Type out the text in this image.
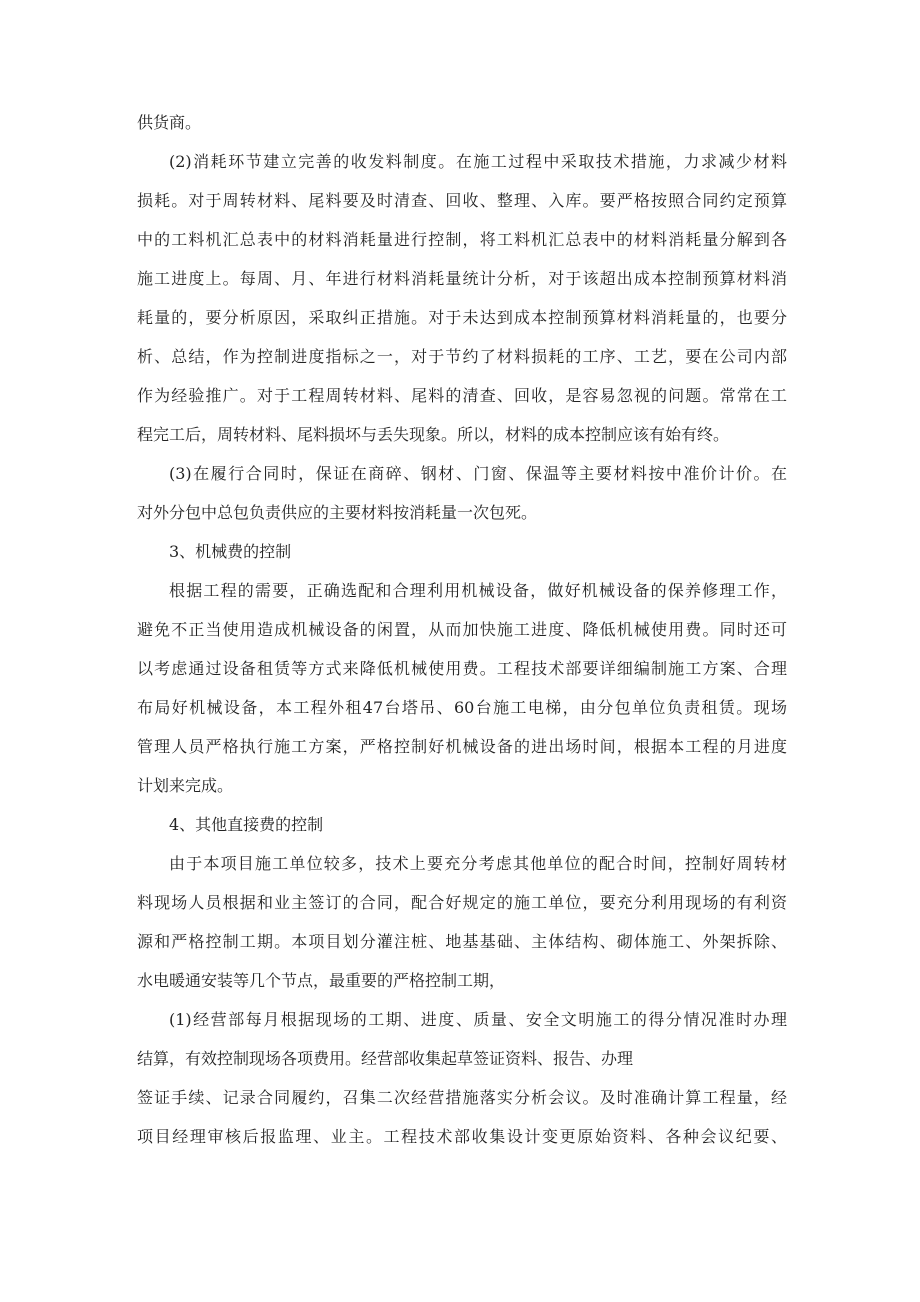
供货商。
(2)消耗环节建立完善的收发料制度。在施工过程中采取技术措施，力求减少材料
损耗。对于周转材料、尾料要及时清查、回收、整理、入库。要严格按照合同约定预算
中的工料机汇总表中的材料消耗量进行控制，将工料机汇总表中的材料消耗量分解到各
施工进度上。每周、月、年进行材料消耗量统计分析，对于该超出成本控制预算材料消
耗量的，要分析原因，采取纠正措施。对于未达到成本控制预算材料消耗量的，也要分
析、总结，作为控制进度指标之一，对于节约了材料损耗的工序、工艺，要在公司内部
作为经验推广。对于工程周转材料、尾料的清查、回收，是容易忽视的问题。常常在工
程完工后，周转材料、尾料损坏与丢失现象。所以，材料的成本控制应该有始有终。
(3)在履行合同时，保证在商碎、钢材、门窗、保温等主要材料按中准价计价。在
对外分包中总包负责供应的主要材料按消耗量一次包死。
3、机械费的控制
根据工程的需要，正确选配和合理利用机械设备，做好机械设备的保养修理工作，
避免不正当使用造成机械设备的闲置，从而加快施工进度、降低机械使用费。同时还可
以考虑通过设备租赁等方式来降低机械使用费。工程技术部要详细编制施工方案、合理
布局好机械设备，本工程外租47台塔吊、60台施工电梯，由分包单位负责租赁。现场
管理人员严格执行施工方案，严格控制好机械设备的进出场时间，根据本工程的月进度
计划来完成。
4、其他直接费的控制
由于本项目施工单位较多，技术上要充分考虑其他单位的配合时间，控制好周转材
料现场人员根据和业主签订的合同，配合好规定的施工单位，要充分利用现场的有利资
源和严格控制工期。本项目划分灌注桩、地基基础、主体结构、砌体施工、外架拆除、
水电暖通安装等几个节点，最重要的严格控制工期，
(1)经营部每月根据现场的工期、进度、质量、安全文明施工的得分情况准时办理
结算，有效控制现场各项费用。经营部收集起草签证资料、报告、办理
签证手续、记录合同履约，召集二次经营措施落实分析会议。及时准确计算工程量，经
项目经理审核后报监理、业主。工程技术部收集设计变更原始资料、各种会议纪要、
